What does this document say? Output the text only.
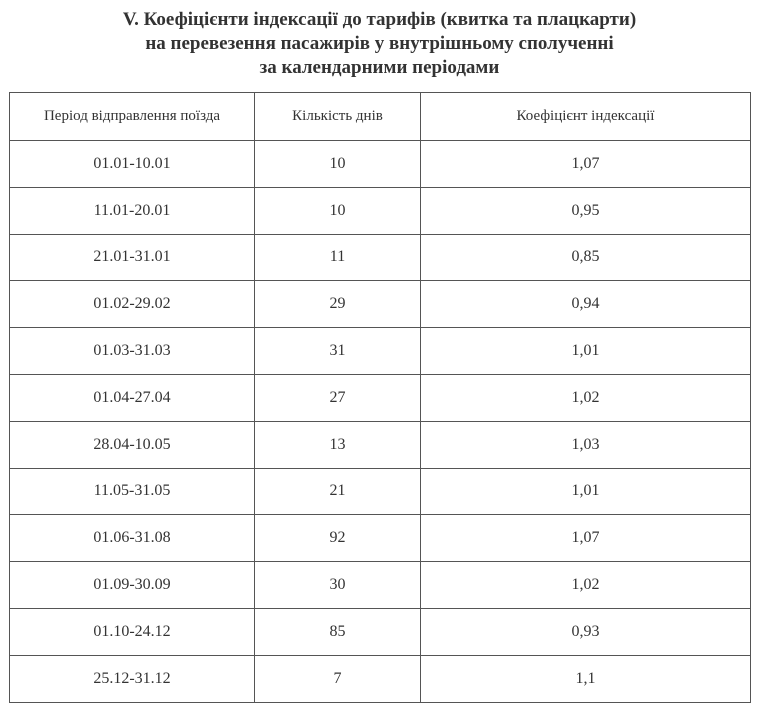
V. Коефіцієнти індексації до тарифів (квитка та плацкарти)
на перевезення пасажирів у внутрішньому сполученні
за календарними періодами
Період відправлення поїзда	Кількість днів	Коефіцієнт індексації
01.01-10.01	10	1,07
11.01-20.01	10	0,95
21.01-31.01	11	0,85
01.02-29.02	29	0,94
01.03-31.03	31	1,01
01.04-27.04	27	1,02
28.04-10.05	13	1,03
11.05-31.05	21	1,01
01.06-31.08	92	1,07
01.09-30.09	30	1,02
01.10-24.12	85	0,93
25.12-31.12	7	1,1
